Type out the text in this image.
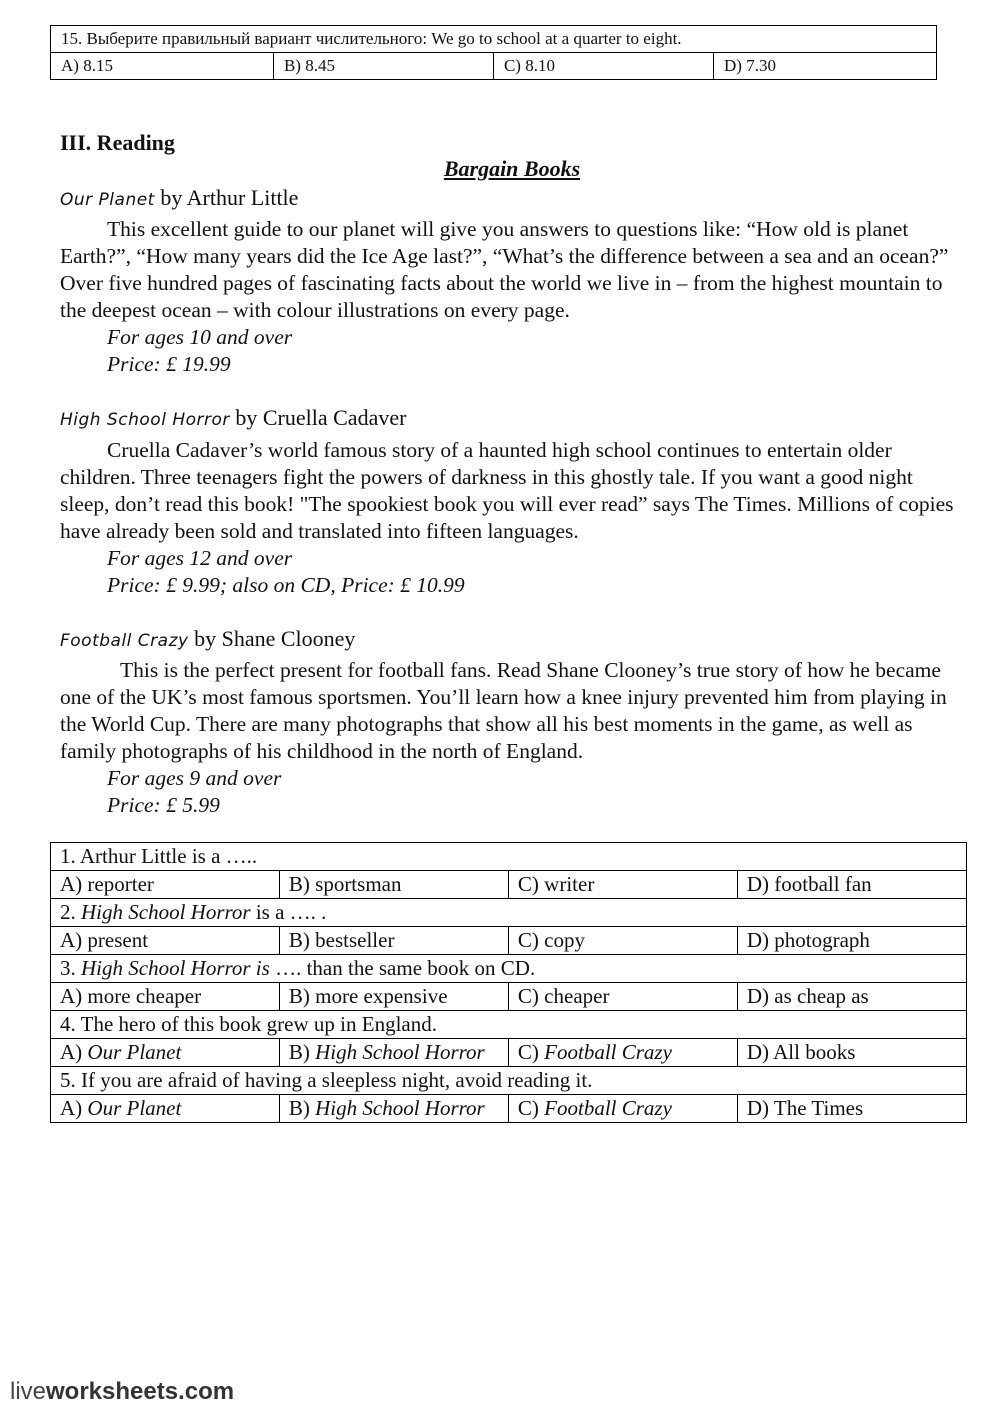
15. Выберите правильный вариант числительного: We go to school at a quarter to eight.
A) 8.15	B) 8.45	C) 8.10	D) 7.30
III. Reading
Bargain Books
Our Planet by Arthur Little

This excellent guide to our planet will give you answers to questions like: “How old is planet Earth?”, “How many years did the Ice Age last?”, “What’s the difference between a sea and an ocean?” Over five hundred pages of fascinating facts about the world we live in – from the highest mountain to the deepest ocean – with colour illustrations on every page.

For ages 10 and over
Price: £ 19.99
High School Horror by Cruella Cadaver

Cruella Cadaver’s world famous story of a haunted high school continues to entertain older children. Three teenagers fight the powers of darkness in this ghostly tale. If you want a good night sleep, don’t read this book! "The spookiest book you will ever read” says The Times. Millions of copies have already been sold and translated into fifteen languages.

For ages 12 and over
Price: £ 9.99; also on CD, Price: £ 10.99
Football Crazy by Shane Clooney

This is the perfect present for football fans. Read Shane Clooney’s true story of how he became one of the UK’s most famous sportsmen. You’ll learn how a knee injury prevented him from playing in the World Cup. There are many photographs that show all his best moments in the game, as well as family photographs of his childhood in the north of England.

For ages 9 and over
Price: £ 5.99
1. Arthur Little is a …..			
A) reporter	B) sportsman	C) writer	D) football fan
2. High School Horror is a …. .			
A) present	B) bestseller	C) copy	D) photograph
3. High School Horror is …. than the same book on CD.			
A) more cheaper	B) more expensive	C) cheaper	D) as cheap as
4. The hero of this book grew up in England.			
A) Our Planet	B) High School Horror	C) Football Crazy	D) All books
5. If you are afraid of having a sleepless night, avoid reading it.			
A) Our Planet	B) High School Horror	C) Football Crazy	D) The Times
liveworksheets.com
